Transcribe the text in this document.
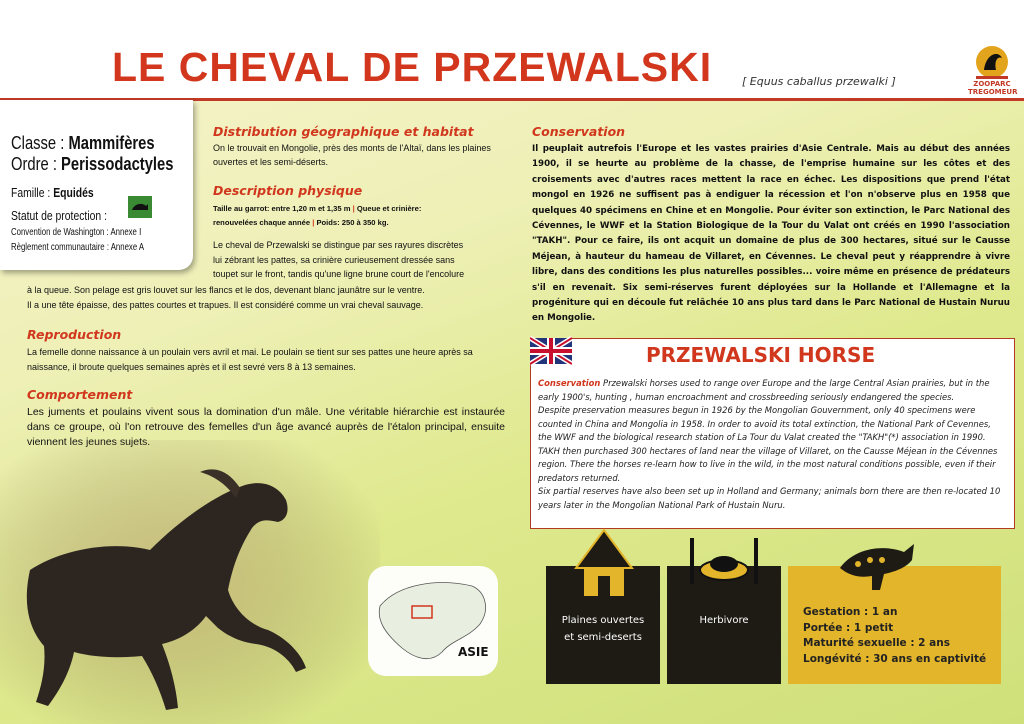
LE CHEVAL DE PRZEWALSKI	[ Equus caballus przewalki ]	ZOOPARC
TREGOMEUR
Classe : Mammifères
Ordre : Perissodactyles
Famille : Equidés
Statut de protection :
Convention de Washington : Annexe I
Règlement communautaire : Annexe A
Distribution géographique et habitat
On le trouvait en Mongolie, près des monts de l'Altaï, dans les plaines ouvertes et les semi-déserts.
Description physique
Taille au garrot: entre 1,20 m et 1,35 m | Queue et crinière:
renouvelées chaque année | Poids: 250 à 350 kg.
Le cheval de Przewalski se distingue par ses rayures discrètes
lui zébrant les pattes, sa crinière curieusement dressée sans
toupet sur le front, tandis qu'une ligne brune court de l'encolure
à la queue. Son pelage est gris louvet sur les flancs et le dos, devenant blanc jaunâtre sur le ventre.
Il a une tête épaisse, des pattes courtes et trapues. Il est considéré comme un vrai cheval sauvage.
Reproduction
La femelle donne naissance à un poulain vers avril et mai. Le poulain se tient sur ses pattes une heure après sa naissance, il broute quelques semaines après et il est sevré vers 8 à 13 semaines.
Comportement
Les juments et poulains vivent sous la domination d'un mâle. Une véritable hiérarchie est instaurée dans ce groupe, où l'on retrouve des femelles d'un âge avancé auprès de l'étalon principal, ensuite
Conservation
Il peuplait autrefois l'Europe et les vastes prairies d'Asie Centrale. Mais au début des années 1900, il se heurte au problème de la chasse, de l'emprise humaine sur les côtes et des croisements avec d'autres races mettent la race en échec. Les dispositions que prend l'état mongol en 1926 ne suffisent pas à endiguer la récession et l'on n'observe plus en 1958 que quelques 40 spécimens en Chine et en Mongolie. Pour éviter son extinction, le Parc National des Cévennes, le WWF et la Station Biologique de la Tour du Valat ont créés en 1990 l'association "TAKH". Pour ce faire, ils ont acquit un domaine de plus de 300 hectares, situé sur le Causse Méjean, à hauteur du hameau de Villaret, en Cévennes. Le cheval peut y réapprendre à vivre libre, dans des conditions les plus naturelles possibles... voire même en présence de prédateurs s'il en revenait. Six semi-réserves furent déployées sur la Hollande et l'Allemagne et la progéniture qui en découle fut relâchée 10 ans plus tard dans le Parc National de Hustain Nuruu en Mongolie.
PRZEWALSKI HORSE
Conservation Przewalski horses used to range over Europe and the large Central Asian prairies, but in the early 1900's, hunting , human encroachment and crossbreeding seriously endangered the species.
Despite preservation measures begun in 1926 by the Mongolian Gouvernment, only 40 specimens were counted in China and Mongolia in 1958. In order to avoid its total extinction, the National Park of Cevennes, the WWF and the biological research station of La Tour du Valat created the "TAKH"(*) association in 1990. TAKH then purchased 300 hectares of land near the village of Villaret, on the Causse Méjean in the Cévennes region. There the horses re-learn how to live in the wild, in the most natural conditions possible, even if their predators returned.
Six partial reserves have also been set up in Holland and Germany; animals born there are then re-located 10 years later in the Mongolian National Park of Hustain Nuru.
ASIE
Plaines ouvertes
et semi-deserts
Herbivore
Gestation : 1 an
Portée : 1 petit
Maturité sexuelle : 2 ans
Longévité : 30 ans en captivité
